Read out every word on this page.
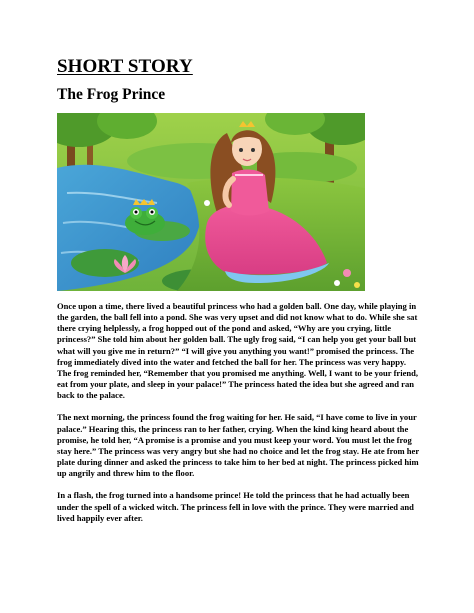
SHORT STORY
The Frog Prince

Once upon a time, there lived a beautiful princess who had a golden ball. One day, while playing in the garden, the ball fell into a pond. She was very upset and did not know what to do. While she sat there crying helplessly, a frog hopped out of the pond and asked, “Why are you crying, little princess?” She told him about her golden ball. The ugly frog said, “I can help you get your ball but what will you give me in return?” “I will give you anything you want!” promised the princess. The frog immediately dived into the water and fetched the ball for her. The princess was very happy. The frog reminded her, “Remember that you promised me anything. Well, I want to be your friend, eat from your plate, and sleep in your palace!” The princess hated the idea but she agreed and ran back to the palace.

The next morning, the princess found the frog waiting for her. He said, “I have come to live in your palace.” Hearing this, the princess ran to her father, crying. When the kind king heard about the promise, he told her, “A promise is a promise and you must keep your word. You must let the frog stay here.” The princess was very angry but she had no choice and let the frog stay. He ate from her plate during dinner and asked the princess to take him to her bed at night. The princess picked him up angrily and threw him to the floor.

In a flash, the frog turned into a handsome prince! He told the princess that he had actually been under the spell of a wicked witch. The princess fell in love with the prince. They were married and lived happily ever after.
